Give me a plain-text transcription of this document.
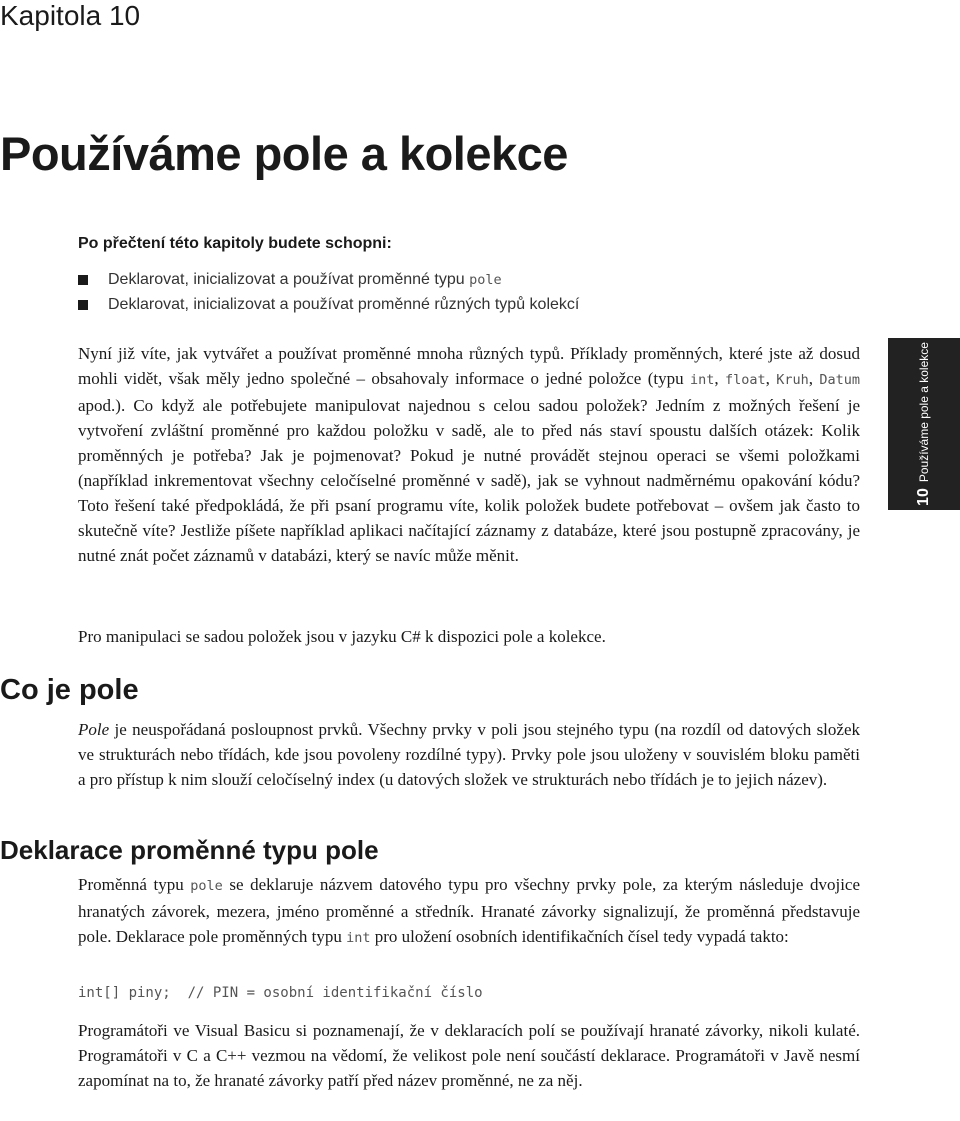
Kapitola 10
Používáme pole a kolekce
Po přečtení této kapitoly budete schopni:
Deklarovat, inicializovat a používat proměnné typu pole
Deklarovat, inicializovat a používat proměnné různých typů kolekcí

Nyní již víte, jak vytvářet a používat proměnné mnoha různých typů. Příklady proměnných, které jste až dosud mohli vidět, však měly jedno společné – obsahovaly informace o jedné položce (typu int, float, Kruh, Datum apod.). Co když ale potřebujete manipulovat najednou s celou sadou položek? Jedním z možných řešení je vytvoření zvláštní proměnné pro každou položku v sadě, ale to před nás staví spoustu dalších otázek: Kolik proměnných je potřeba? Jak je pojmenovat? Pokud je nutné provádět stejnou operaci se všemi položkami (například inkrementovat všechny celočíselné proměnné v sadě), jak se vyhnout nadměrnému opakování kódu? Toto řešení také předpokládá, že při psaní programu víte, kolik položek budete potřebovat – ovšem jak často to skutečně víte? Jestliže píšete například aplikaci načítající záznamy z databáze, které jsou postupně zpracovány, je nutné znát počet záznamů v databázi, který se navíc může měnit.

Pro manipulaci se sadou položek jsou v jazyku C# k dispozici pole a kolekce.

Co je pole

Pole je neuspořádaná posloupnost prvků. Všechny prvky v poli jsou stejného typu (na rozdíl od datových složek ve strukturách nebo třídách, kde jsou povoleny rozdílné typy). Prvky pole jsou uloženy v souvislém bloku paměti a pro přístup k nim slouží celočíselný index (u datových složek ve strukturách nebo třídách je to jejich název).

Deklarace proměnné typu pole

Proměnná typu pole se deklaruje názvem datového typu pro všechny prvky pole, za kterým následuje dvojice hranatých závorek, mezera, jméno proměnné a středník. Hranaté závorky signalizují, že proměnná představuje pole. Deklarace pole proměnných typu int pro uložení osobních identifikačních čísel tedy vypadá takto:

int[] piny;  // PIN = osobní identifikační číslo

Programátoři ve Visual Basicu si poznamenají, že v deklaracích polí se používají hranaté závorky, nikoli kulaté. Programátoři v C a C++ vezmou na vědomí, že velikost pole není součástí deklarace. Programátoři v Javě nesmí zapomínat na to, že hranaté závorky patří před název proměnné, ne za něj.

10Používáme pole a kolekce
